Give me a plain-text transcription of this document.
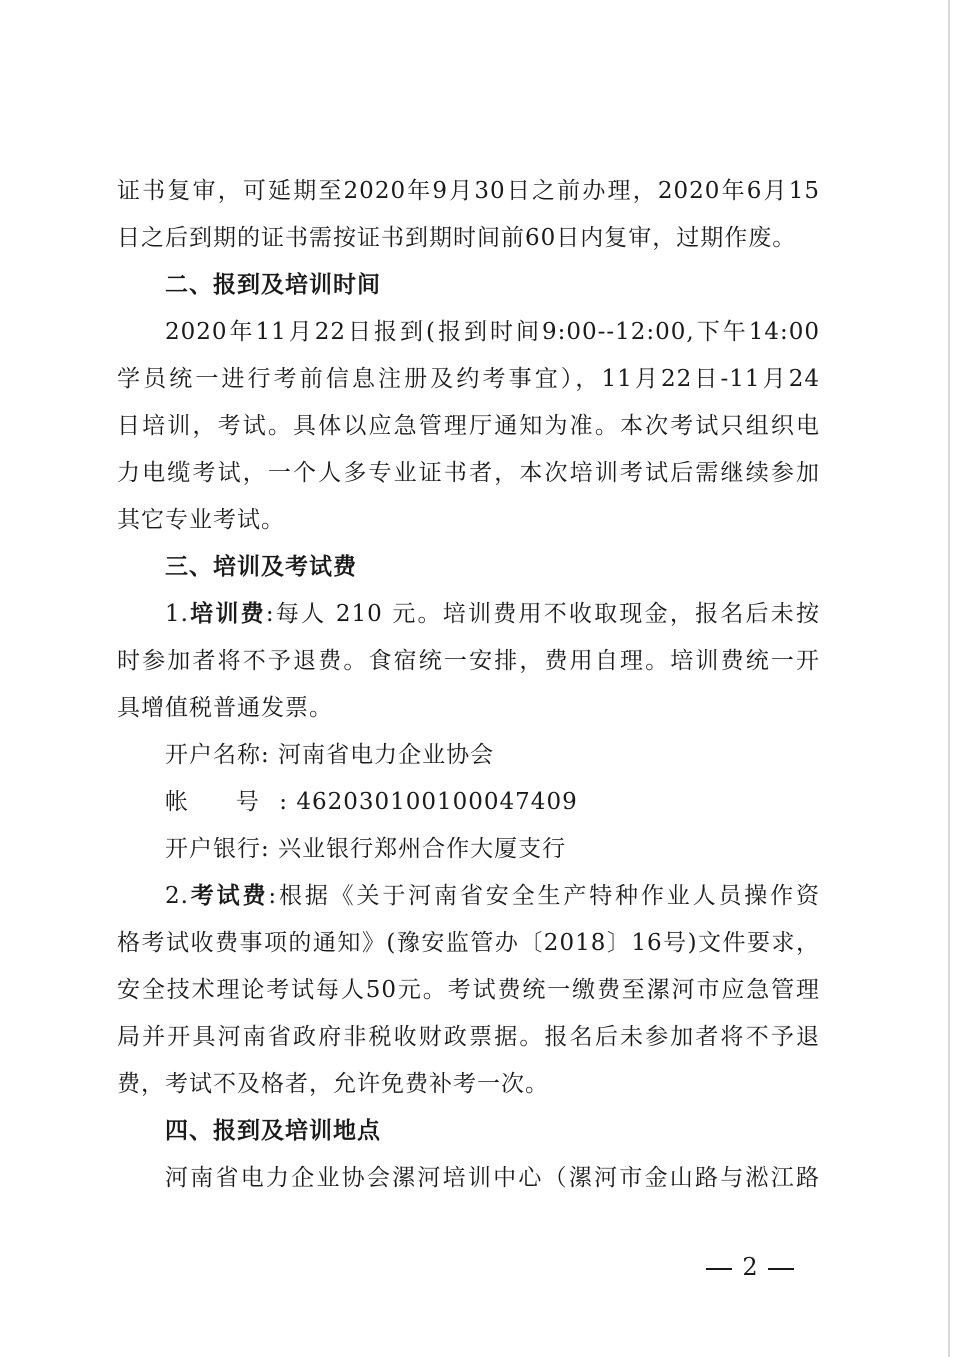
证书复审，可延期至2020年9月30日之前办理，2020年6月15
日之后到期的证书需按证书到期时间前60日内复审，过期作废。
二、报到及培训时间
2020年11月22日报到(报到时间9:00--12:00,下午14:00
学员统一进行考前信息注册及约考事宜），11月22日-11月24
日培训，考试。具体以应急管理厅通知为准。本次考试只组织电
力电缆考试，一个人多专业证书者，本次培训考试后需继续参加
其它专业考试。
三、培训及考试费
1.培训费:每人 210 元。培训费用不收取现金，报名后未按
时参加者将不予退费。食宿统一安排，费用自理。培训费统一开
具增值税普通发票。
开户名称: 河南省电力企业协会
帐 号: 462030100100047409
开户银行: 兴业银行郑州合作大厦支行
2.考试费:根据《关于河南省安全生产特种作业人员操作资
格考试收费事项的通知》(豫安监管办〔2018〕16号)文件要求，
安全技术理论考试每人50元。考试费统一缴费至漯河市应急管理
局并开具河南省政府非税收财政票据。报名后未参加者将不予退
费，考试不及格者，允许免费补考一次。
四、报到及培训地点
河南省电力企业协会漯河培训中心（漯河市金山路与淞江路
2
